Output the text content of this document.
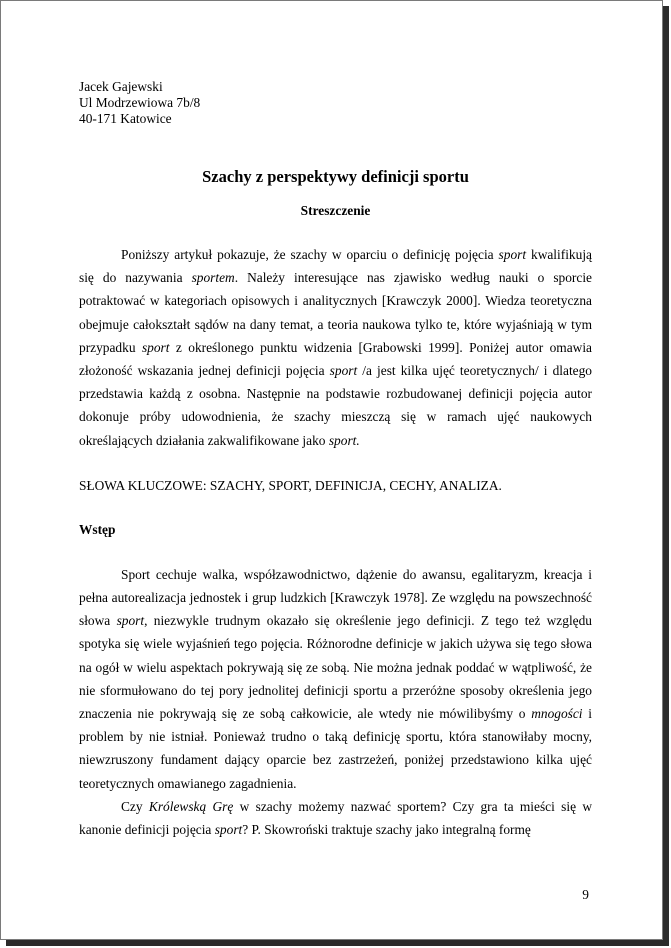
Jacek Gajewski
Ul Modrzewiowa 7b/8
40-171 Katowice
Szachy z perspektywy definicji sportu
Streszczenie

Poniższy artykuł pokazuje, że szachy w oparciu o definicję pojęcia sport kwalifikują się do nazywania sportem. Należy interesujące nas zjawisko według nauki o sporcie potraktować w kategoriach opisowych i analitycznych [Krawczyk 2000]. Wiedza teoretyczna obejmuje całokształt sądów na dany temat, a teoria naukowa tylko te, które wyjaśniają w tym przypadku sport z określonego punktu widzenia [Grabowski 1999]. Poniżej autor omawia złożoność wskazania jednej definicji pojęcia sport /a jest kilka ujęć teoretycznych/ i dlatego przedstawia każdą z osobna. Następnie na podstawie rozbudowanej definicji pojęcia autor dokonuje próby udowodnienia, że szachy mieszczą się w ramach ujęć naukowych określających działania zakwalifikowane jako sport.

SŁOWA KLUCZOWE: SZACHY, SPORT, DEFINICJA, CECHY, ANALIZA.
Wstęp

Sport cechuje walka, współzawodnictwo, dążenie do awansu, egalitaryzm, kreacja i pełna autorealizacja jednostek i grup ludzkich [Krawczyk 1978]. Ze względu na powszechność słowa sport, niezwykle trudnym okazało się określenie jego definicji. Z tego też względu spotyka się wiele wyjaśnień tego pojęcia. Różnorodne definicje w jakich używa się tego słowa na ogół w wielu aspektach pokrywają się ze sobą. Nie można jednak poddać w wątpliwość, że nie sformułowano do tej pory jednolitej definicji sportu a przeróżne sposoby określenia jego znaczenia nie pokrywają się ze sobą całkowicie, ale wtedy nie mówilibyśmy o mnogości i problem by nie istniał. Ponieważ trudno o taką definicję sportu, która stanowiłaby mocny, niewzruszony fundament dający oparcie bez zastrzeżeń, poniżej przedstawiono kilka ujęć teoretycznych omawianego zagadnienia.

Czy Królewską Grę w szachy możemy nazwać sportem? Czy gra ta mieści się w kanonie definicji pojęcia sport? P. Skowroński traktuje szachy jako integralną formę

9
